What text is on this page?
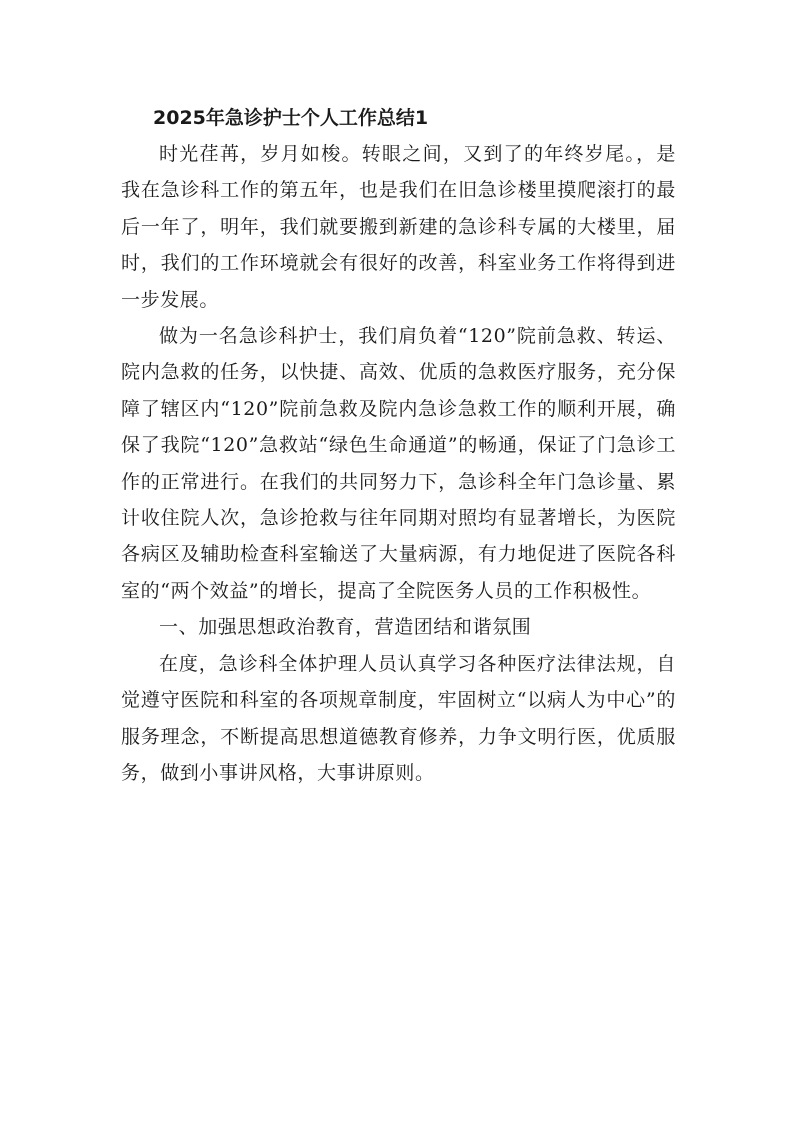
2025年急诊护士个人工作总结1

时光荏苒，岁月如梭。转眼之间，又到了的年终岁尾。，是我在急诊科工作的第五年，也是我们在旧急诊楼里摸爬滚打的最后一年了，明年，我们就要搬到新建的急诊科专属的大楼里，届时，我们的工作环境就会有很好的改善，科室业务工作将得到进一步发展。

做为一名急诊科护士，我们肩负着“120”院前急救、转运、院内急救的任务，以快捷、高效、优质的急救医疗服务，充分保障了辖区内“120”院前急救及院内急诊急救工作的顺利开展，确保了我院“120”急救站“绿色生命通道”的畅通，保证了门急诊工作的正常进行。在我们的共同努力下，急诊科全年门急诊量、累计收住院人次，急诊抢救与往年同期对照均有显著增长，为医院各病区及辅助检查科室输送了大量病源，有力地促进了医院各科室的“两个效益”的增长，提高了全院医务人员的工作积极性。

一、加强思想政治教育，营造团结和谐氛围

在度，急诊科全体护理人员认真学习各种医疗法律法规，自觉遵守医院和科室的各项规章制度，牢固树立“以病人为中心”的服务理念，不断提高思想道德教育修养，力争文明行医，优质服务，做到小事讲风格，大事讲原则。
